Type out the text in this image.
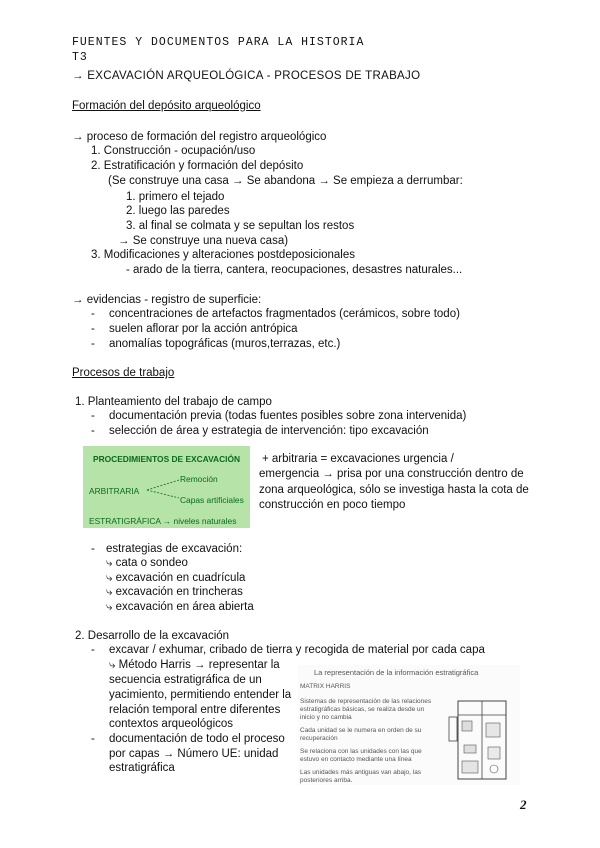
FUENTES Y DOCUMENTOS PARA LA HISTORIA
T3
→ EXCAVACIÓN ARQUEOLÓGICA - PROCESOS DE TRABAJO
Formación del depósito arqueológico
→ proceso de formación del registro arqueológico
1. Construcción - ocupación/uso
2. Estratificación y formación del depósito
(Se construye una casa → Se abandona → Se empieza a derrumbar:
1. primero el tejado
2. luego las paredes
3. al final se colmata y se sepultan los restos
→ Se construye una nueva casa)
3. Modificaciones y alteraciones postdeposicionales
- arado de la tierra, cantera, reocupaciones, desastres naturales...
→ evidencias - registro de superficie:
- concentraciones de artefactos fragmentados (cerámicos, sobre todo)
- suelen aflorar por la acción antrópica
- anomalías topográficas (muros,terrazas, etc.)
Procesos de trabajo
1. Planteamiento del trabajo de campo
- documentación previa (todas fuentes posibles sobre zona intervenida)
- selección de área y estrategia de intervención: tipo excavación
PROCEDIMIENTOS DE EXCAVACIÓN
Remoción
ARBITRARIA
Capas artificiales
ESTRATIGRÁFICA → niveles naturales
+ arbitraria = excavaciones urgencia /
emergencia → prisa por una construcción dentro de
zona arqueológica, sólo se investiga hasta la cota de
construcción en poco tiempo
- estrategias de excavación:
⤷ cata o sondeo
⤷ excavación en cuadrícula
⤷ excavación en trincheras
⤷ excavación en área abierta
2. Desarrollo de la excavación
- excavar / exhumar, cribado de tierra y recogida de material por cada capa
⤷ Método Harris → representar la
secuencia estratigráfica de un
yacimiento, permitiendo entender la
relación temporal entre diferentes
contextos arqueológicos
- documentación de todo el proceso
por capas → Número UE: unidad
estratigráfica
La representación de la información estratigráfica
MATRIX HARRIS
Sistemas de representación de las relaciones
estratigráficas básicas, se realiza desde un
inicio y no cambia
Cada unidad se le numera en orden de su
recuperación
Se relaciona con las unidades con las que
estuvo en contacto mediante una línea
Las unidades más antiguas van abajo, las
posteriores arriba.
2
